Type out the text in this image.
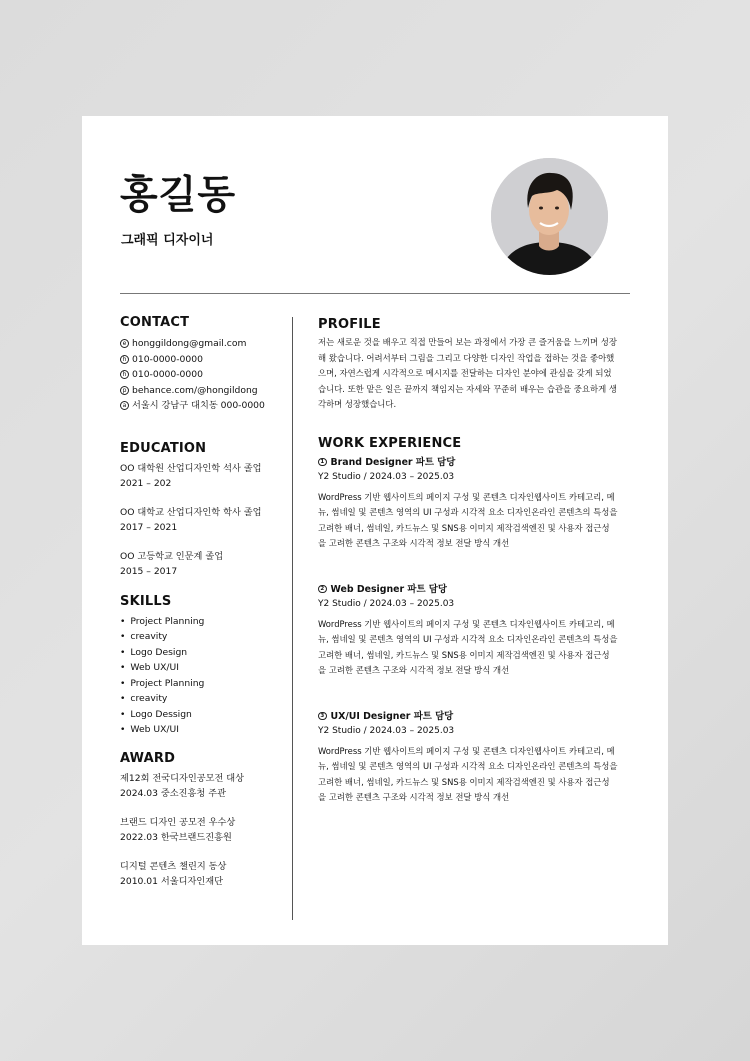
홍길동
그래픽 디자이너
CONTACT
e honggildong@gmail.com
h 010-0000-0000
h 010-0000-0000
p behance.com/@hongildong
a 서울시 강남구 대치동 000-0000
EDUCATION
OO 대학원 산업디자인학 석사 졸업
2021 – 202
OO 대학교 산업디자인학 학사 졸업
2017 – 2021
OO 고등학교 인문계 졸업
2015 – 2017
SKILLS
• Project Planning
• creavity
• Logo Design
• Web UX/UI
• Project Planning
• creavity
• Logo Dessign
• Web UX/UI
AWARD
제12회 전국디자인공모전 대상
2024.03 중소진흥청 주관
브랜드 디자인 공모전 우수상
2022.03 한국브랜드진흥원
디지털 콘텐츠 챌린지 동상
2010.01 서울디자인재단
PROFILE
저는 새로운 것을 배우고 직접 만들어 보는 과정에서 가장 큰 즐거움을 느끼며 성장
해 왔습니다. 어려서부터 그림을 그리고 다양한 디자인 작업을 접하는 것을 좋아했
으며, 자연스럽게 시각적으로 메시지를 전달하는 디자인 분야에 관심을 갖게 되었
습니다. 또한 맡은 일은 끝까지 책임지는 자세와 꾸준히 배우는 습관을 중요하게 생
각하며 성장했습니다.
WORK EXPERIENCE
1 Brand Designer 파트 담당
Y2 Studio / 2024.03 – 2025.03
WordPress 기반 웹사이트의 페이지 구성 및 콘텐츠 디자인웹사이트 카테고리, 메
뉴, 썸네일 및 콘텐츠 영역의 UI 구성과 시각적 요소 디자인온라인 콘텐츠의 특성을
고려한 배너, 썸네일, 카드뉴스 및 SNS용 이미지 제작검색엔진 및 사용자 접근성
을 고려한 콘텐츠 구조와 시각적 정보 전달 방식 개선
2 Web Designer 파트 담당
Y2 Studio / 2024.03 – 2025.03
WordPress 기반 웹사이트의 페이지 구성 및 콘텐츠 디자인웹사이트 카테고리, 메
뉴, 썸네일 및 콘텐츠 영역의 UI 구성과 시각적 요소 디자인온라인 콘텐츠의 특성을
고려한 배너, 썸네일, 카드뉴스 및 SNS용 이미지 제작검색엔진 및 사용자 접근성
을 고려한 콘텐츠 구조와 시각적 정보 전달 방식 개선
3 UX/UI Designer 파트 담당
Y2 Studio / 2024.03 – 2025.03
WordPress 기반 웹사이트의 페이지 구성 및 콘텐츠 디자인웹사이트 카테고리, 메
뉴, 썸네일 및 콘텐츠 영역의 UI 구성과 시각적 요소 디자인온라인 콘텐츠의 특성을
고려한 배너, 썸네일, 카드뉴스 및 SNS용 이미지 제작검색엔진 및 사용자 접근성
을 고려한 콘텐츠 구조와 시각적 정보 전달 방식 개선
